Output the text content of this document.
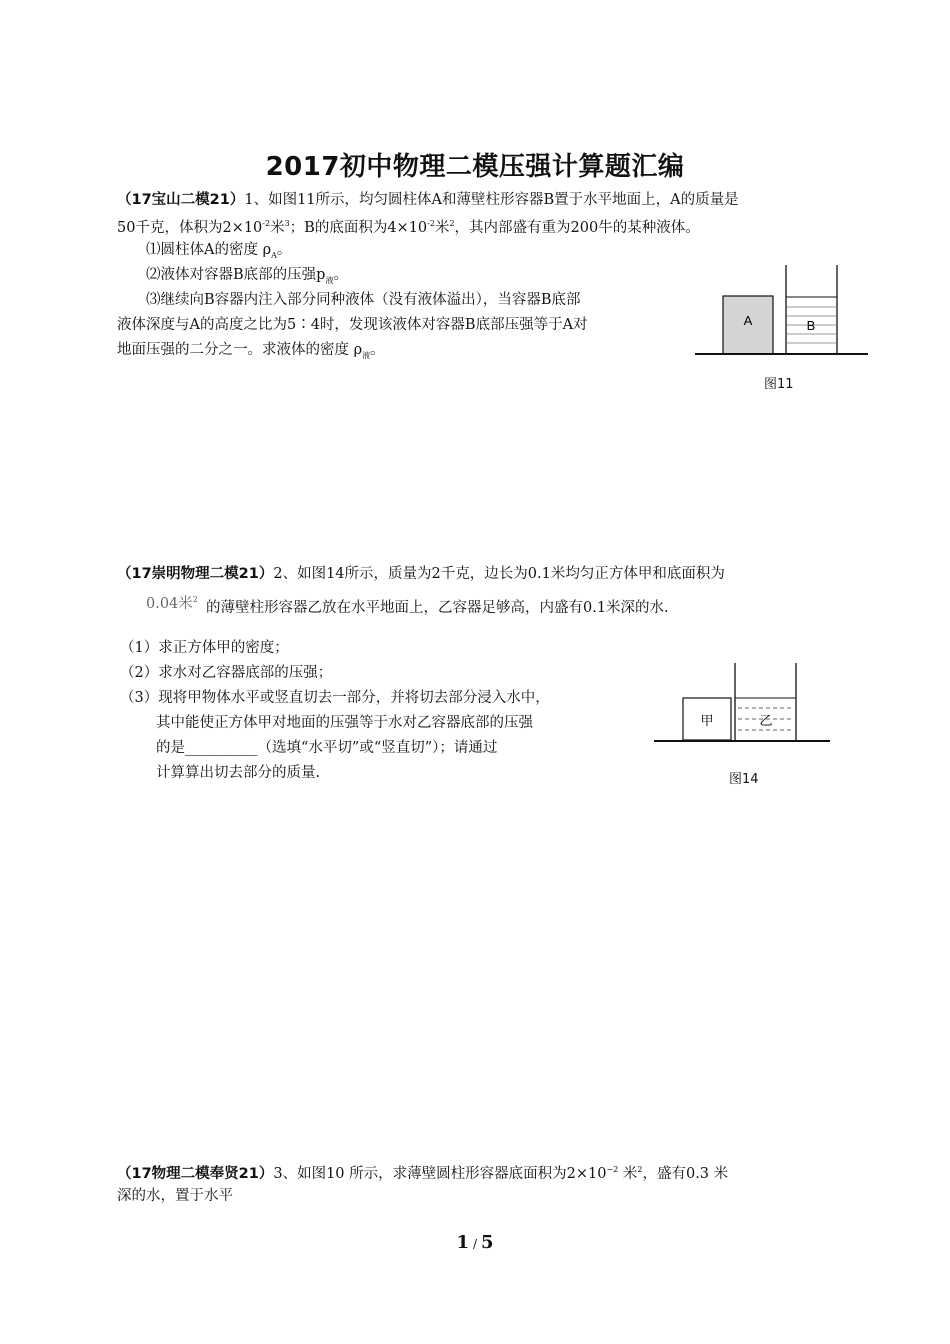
2017初中物理二模压强计算题汇编
（17宝山二模21）1、如图11所示，均匀圆柱体A和薄壁柱形容器B置于水平地面上，A的质量是
50千克，体积为$2\times 10^{-2}$米$^3$；B的底面积为$4\times 10^{-2}$米$^2$，其内部盛有重为200牛的某种液体。
⑴圆柱体A的密度 $\rho_A$。
⑵液体对容器B底部的压强$p_液$。
⑶继续向B容器内注入部分同种液体（没有液体溢出），当容器B底部
液体深度与A的高度之比为5∶4时，发现该液体对容器B底部压强等于A对
地面压强的二分之一。求液体的密度 $\rho_液$。
A	B
图11
（17崇明物理二模21）2、如图14所示，质量为2千克，边长为0.1米均匀正方体甲和底面积为
0.04米$^2$
的薄壁柱形容器乙放在水平地面上，乙容器足够高，内盛有0.1米深的水.
（1）求正方体甲的密度；
（2）求水对乙容器底部的压强；
（3）现将甲物体水平或竖直切去一部分，并将切去部分浸入水中，
其中能使正方体甲对地面的压强等于水对乙容器底部的压强
的是__________（选填“水平切”或“竖直切”）；请通过
计算算出切去部分的质量.
甲	乙
图14
（17物理二模奉贤21）3、如图10 所示，求薄壁圆柱形容器底面积为$2\times 10^{-2}$ 米$^2$，盛有0.3 米
深的水，置于水平
1 / 5
